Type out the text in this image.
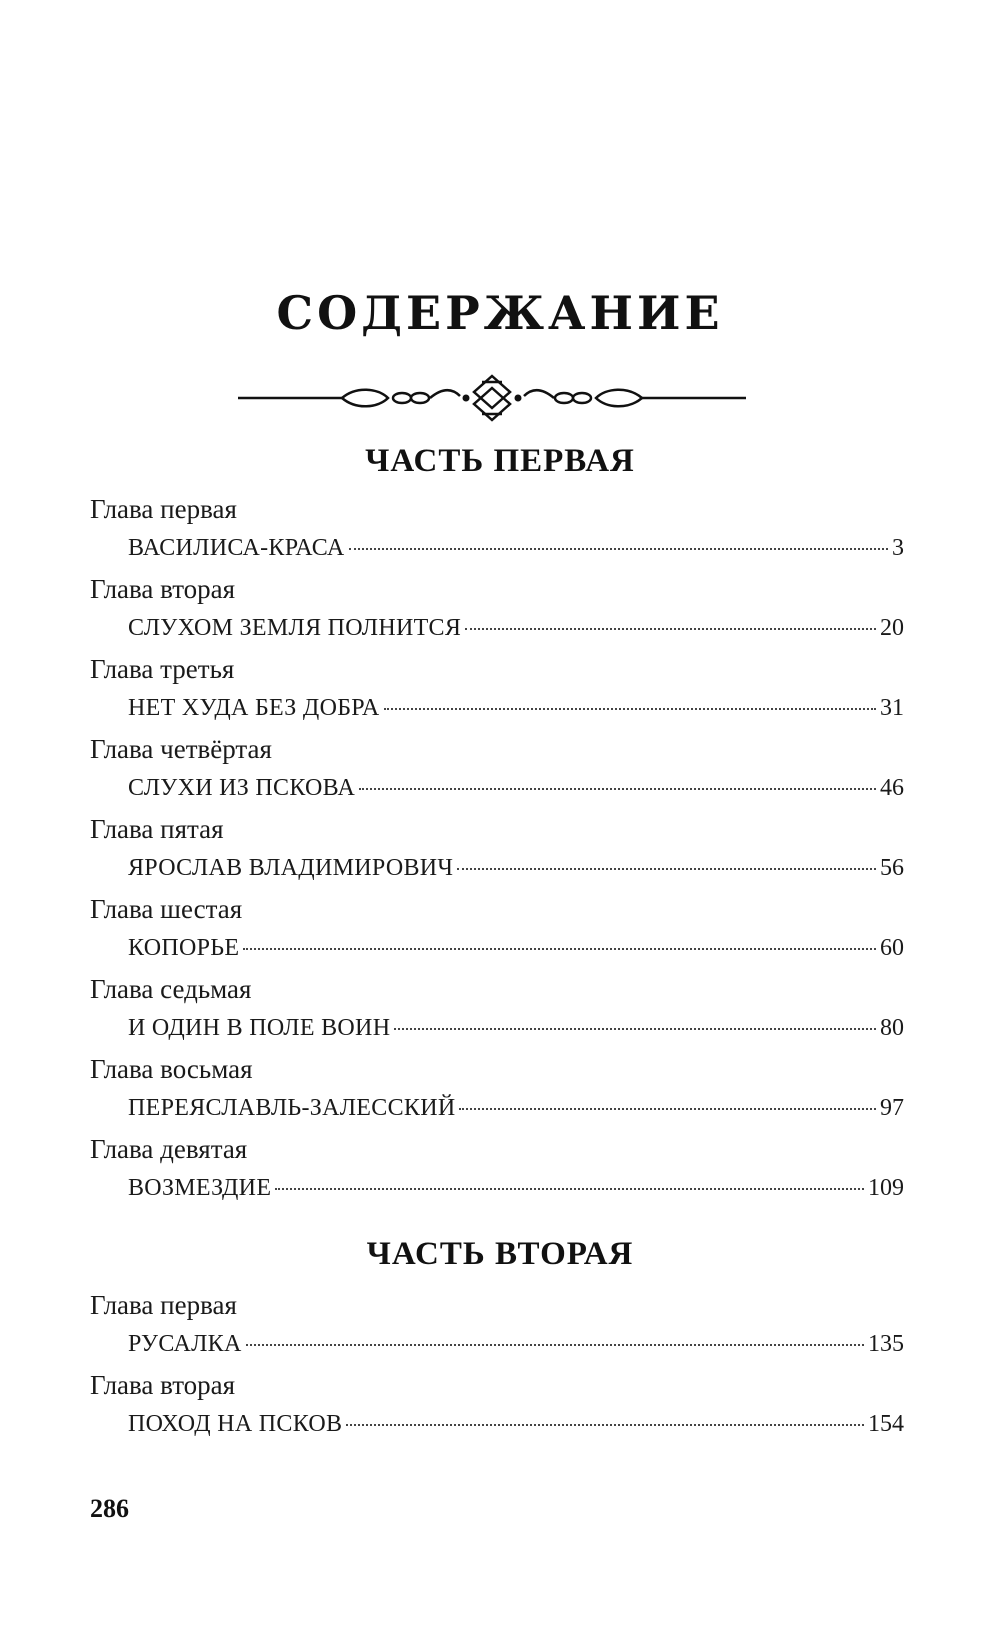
СОДЕРЖАНИЕ
ЧАСТЬ ПЕРВАЯ
Глава первая
ВАСИЛИСА-КРАСА	3
Глава вторая
СЛУХОМ ЗЕМЛЯ ПОЛНИТСЯ	20
Глава третья
НЕТ ХУДА БЕЗ ДОБРА	31
Глава четвёртая
СЛУХИ ИЗ ПСКОВА	46
Глава пятая
ЯРОСЛАВ ВЛАДИМИРОВИЧ	56
Глава шестая
КОПОРЬЕ	60
Глава седьмая
И ОДИН В ПОЛЕ ВОИН	80
Глава восьмая
ПЕРЕЯСЛАВЛЬ-ЗАЛЕССКИЙ	97
Глава девятая
ВОЗМЕЗДИЕ	109
ЧАСТЬ ВТОРАЯ
Глава первая
РУСАЛКА	135
Глава вторая
ПОХОД НА ПСКОВ	154
286
